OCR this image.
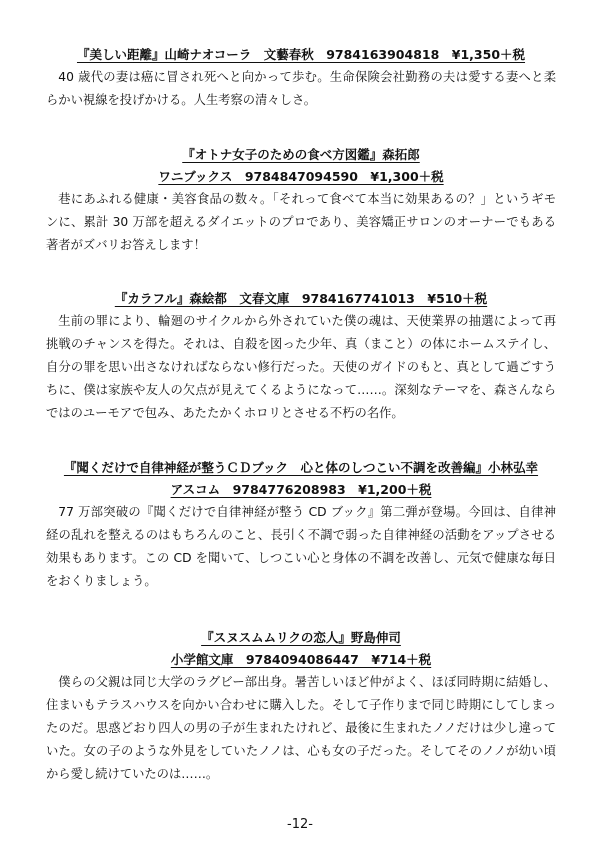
『美しい距離』山崎ナオコーラ　文藝春秋　9784163904818　¥1,350＋税

40 歳代の妻は癌に冒され死へと向かって歩む。生命保険会社勤務の夫は愛する妻へと柔らかい視線を投げかける。人生考察の清々しさ。

『オトナ女子のための食べ方図鑑』森拓郎
ワニブックス　9784847094590　¥1,300＋税

巷にあふれる健康・美容食品の数々。「それって食べて本当に効果あるの？」というギモンに、累計 30 万部を超えるダイエットのプロであり、美容矯正サロンのオーナーでもある著者がズバリお答えします！

『カラフル』森絵都　文春文庫　9784167741013　¥510＋税

生前の罪により、輪廻のサイクルから外されていた僕の魂は、天使業界の抽選によって再挑戦のチャンスを得た。それは、自殺を図った少年、真（まこと）の体にホームステイし、自分の罪を思い出さなければならない修行だった。天使のガイドのもと、真として過ごすうちに、僕は家族や友人の欠点が見えてくるようになって……。深刻なテーマを、森さんならではのユーモアで包み、あたたかくホロリとさせる不朽の名作。

『聞くだけで自律神経が整うＣＤブック　心と体のしつこい不調を改善編』小林弘幸
アスコム　9784776208983　¥1,200＋税

77 万部突破の『聞くだけで自律神経が整う CD ブック』第二弾が登場。今回は、自律神経の乱れを整えるのはもちろんのこと、長引く不調で弱った自律神経の活動をアップさせる効果もあります。この CD を聞いて、しつこい心と身体の不調を改善し、元気で健康な毎日をおくりましょう。

『スヌスムムリクの恋人』野島伸司
小学館文庫　9784094086447　¥714＋税

僕らの父親は同じ大学のラグビー部出身。暑苦しいほど仲がよく、ほぼ同時期に結婚し、住まいもテラスハウスを向かい合わせに購入した。そして子作りまで同じ時期にしてしまったのだ。思惑どおり四人の男の子が生まれたけれど、最後に生まれたノノだけは少し違っていた。女の子のような外見をしていたノノは、心も女の子だった。そしてそのノノが幼い頃から愛し続けていたのは……。

-12-
